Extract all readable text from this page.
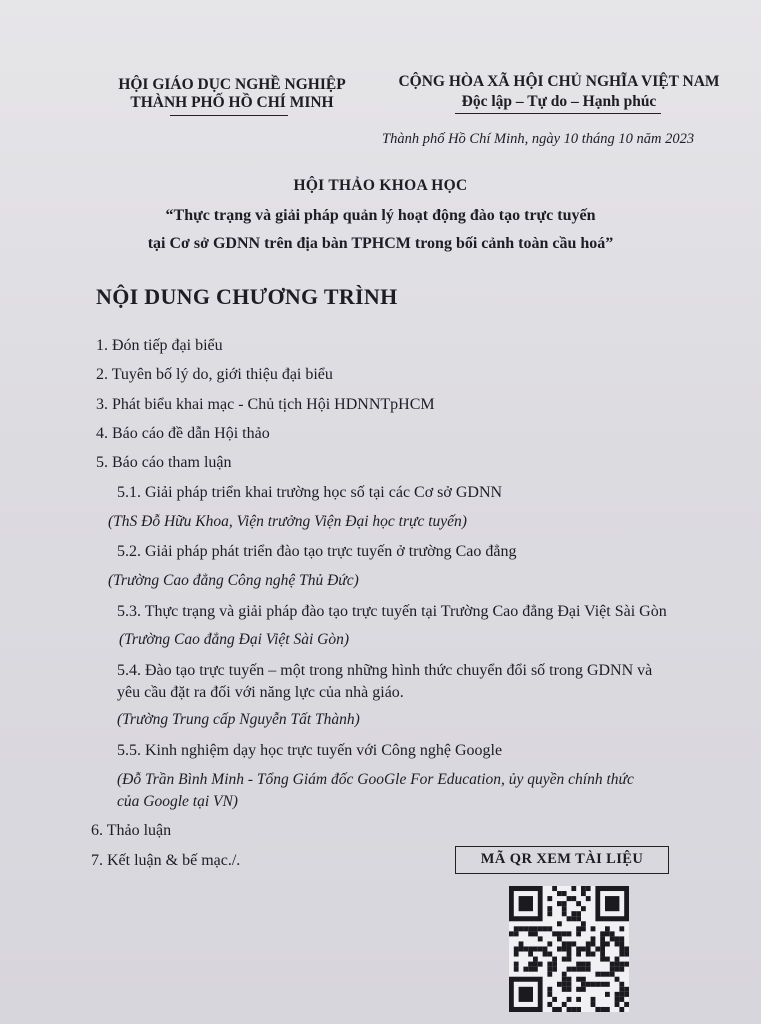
HỘI GIÁO DỤC NGHỀ NGHIỆP
THÀNH PHỐ HỒ CHÍ MINH
CỘNG HÒA XÃ HỘI CHỦ NGHĨA VIỆT NAM
Độc lập – Tự do – Hạnh phúc
Thành phố Hồ Chí Minh, ngày 10 tháng 10 năm 2023
HỘI THẢO KHOA HỌC
“Thực trạng và giải pháp quản lý hoạt động đào tạo trực tuyến
tại Cơ sở GDNN trên địa bàn TPHCM trong bối cảnh toàn cầu hoá”
NỘI DUNG CHƯƠNG TRÌNH
1. Đón tiếp đại biểu
2. Tuyên bố lý do, giới thiệu đại biểu
3. Phát biểu khai mạc - Chủ tịch Hội HDNNTpHCM
4. Báo cáo đề dẫn Hội thảo
5. Báo cáo tham luận
5.1. Giải pháp triển khai trường học số tại các Cơ sở GDNN
(ThS Đỗ Hữu Khoa, Viện trưởng Viện Đại học trực tuyến)
5.2. Giải pháp phát triển đào tạo trực tuyến ở trường Cao đẳng
(Trường Cao đẳng Công nghệ Thủ Đức)
5.3. Thực trạng và giải pháp đào tạo trực tuyến tại Trường Cao đẳng Đại Việt Sài Gòn
(Trường Cao đẳng Đại Việt Sài Gòn)
5.4. Đào tạo trực tuyến – một trong những hình thức chuyển đổi số trong GDNN và
yêu cầu đặt ra đối với năng lực của nhà giáo.
(Trường Trung cấp Nguyễn Tất Thành)
5.5. Kinh nghiệm dạy học trực tuyến với Công nghệ Google
(Đỗ Trần Bình Minh - Tổng Giám đốc GooGle For Education, ủy quyền chính thức
của Google tại VN)
6. Thảo luận
7. Kết luận & bế mạc./.	MÃ QR XEM TÀI LIỆU
